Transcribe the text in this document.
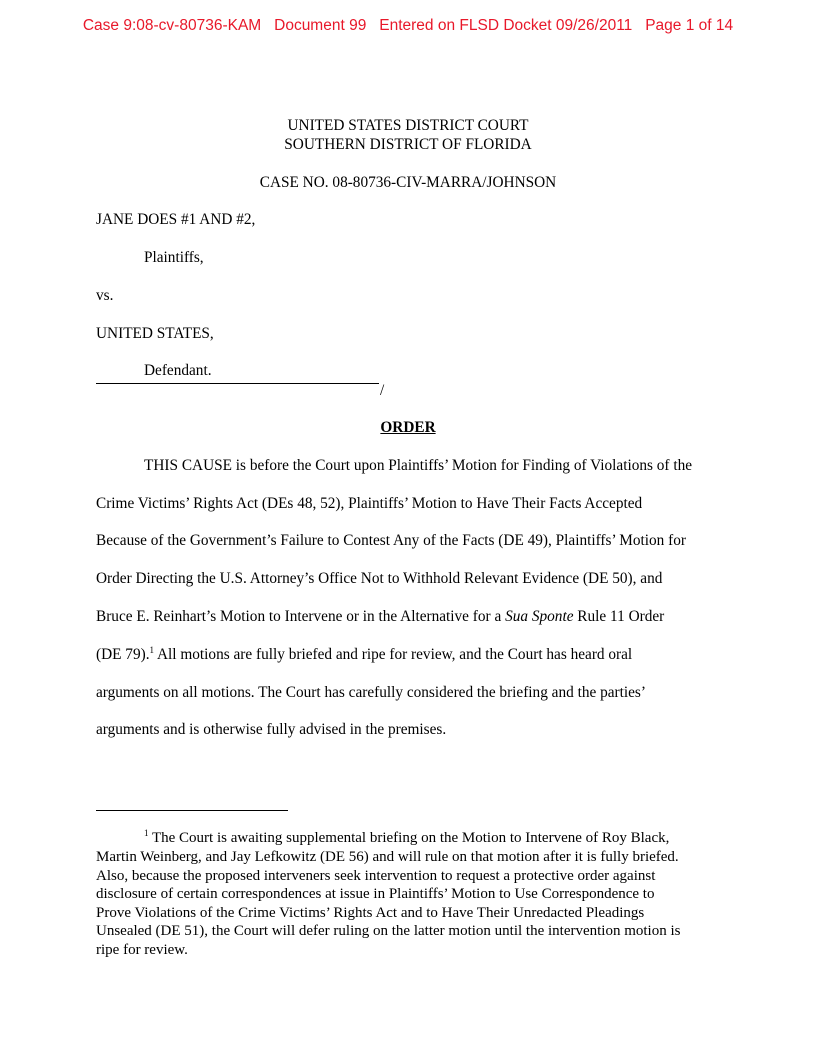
Case 9:08-cv-80736-KAM Document 99 Entered on FLSD Docket 09/26/2011 Page 1 of 14
UNITED STATES DISTRICT COURT
SOUTHERN DISTRICT OF FLORIDA
CASE NO. 08-80736-CIV-MARRA/JOHNSON
JANE DOES #1 AND #2,
Plaintiffs,
vs.
UNITED STATES,
Defendant.
/
ORDER
THIS CAUSE is before the Court upon Plaintiffs’ Motion for Finding of Violations of the
Crime Victims’ Rights Act (DEs 48, 52), Plaintiffs’ Motion to Have Their Facts Accepted
Because of the Government’s Failure to Contest Any of the Facts (DE 49), Plaintiffs’ Motion for
Order Directing the U.S. Attorney’s Office Not to Withhold Relevant Evidence (DE 50), and
Bruce E. Reinhart’s Motion to Intervene or in the Alternative for a Sua Sponte Rule 11 Order
(DE 79).$^1$ All motions are fully briefed and ripe for review, and the Court has heard oral
arguments on all motions. The Court has carefully considered the briefing and the parties’
arguments and is otherwise fully advised in the premises.
$^1$ The Court is awaiting supplemental briefing on the Motion to Intervene of Roy Black,
Martin Weinberg, and Jay Lefkowitz (DE 56) and will rule on that motion after it is fully briefed.
Also, because the proposed interveners seek intervention to request a protective order against
disclosure of certain correspondences at issue in Plaintiffs’ Motion to Use Correspondence to
Prove Violations of the Crime Victims’ Rights Act and to Have Their Unredacted Pleadings
Unsealed (DE 51), the Court will defer ruling on the latter motion until the intervention motion is
ripe for review.
